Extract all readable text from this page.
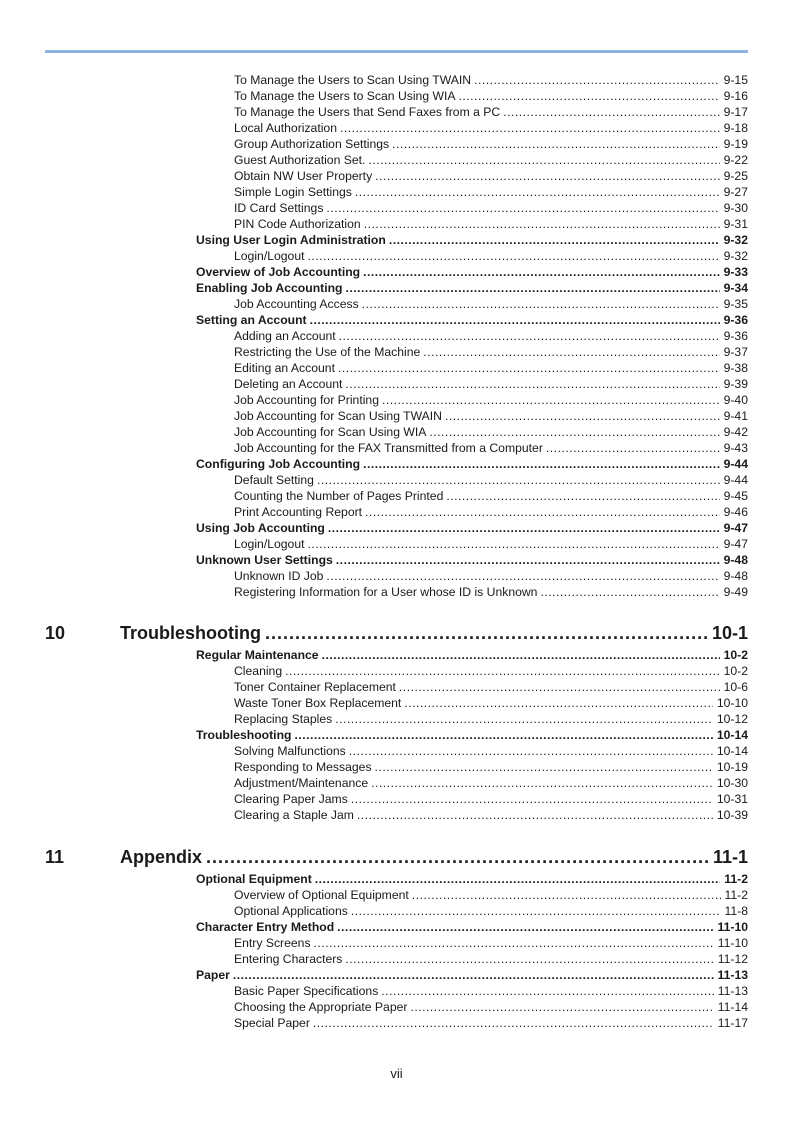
To Manage the Users to Scan Using TWAIN .....	9-15
To Manage the Users to Scan Using WIA .....	9-16
To Manage the Users that Send Faxes from a PC .....	9-17
Local Authorization .....	9-18
Group Authorization Settings .....	9-19
Guest Authorization Set. .....	9-22
Obtain NW User Property .....	9-25
Simple Login Settings .....	9-27
ID Card Settings .....	9-30
PIN Code Authorization .....	9-31
Using User Login Administration .....	9-32
Login/Logout .....	9-32
Overview of Job Accounting .....	9-33
Enabling Job Accounting .....	9-34
Job Accounting Access .....	9-35
Setting an Account .....	9-36
Adding an Account .....	9-36
Restricting the Use of the Machine .....	9-37
Editing an Account .....	9-38
Deleting an Account .....	9-39
Job Accounting for Printing .....	9-40
Job Accounting for Scan Using TWAIN .....	9-41
Job Accounting for Scan Using WIA .....	9-42
Job Accounting for the FAX Transmitted from a Computer .....	9-43
Configuring Job Accounting .....	9-44
Default Setting .....	9-44
Counting the Number of Pages Printed .....	9-45
Print Accounting Report .....	9-46
Using Job Accounting .....	9-47
Login/Logout .....	9-47
Unknown User Settings .....	9-48
Unknown ID Job .....	9-48
Registering Information for a User whose ID is Unknown .....	9-49
10	Troubleshooting .....	10-1
Regular Maintenance .....	10-2
Cleaning .....	10-2
Toner Container Replacement .....	10-6
Waste Toner Box Replacement .....	10-10
Replacing Staples .....	10-12
Troubleshooting .....	10-14
Solving Malfunctions .....	10-14
Responding to Messages .....	10-19
Adjustment/Maintenance .....	10-30
Clearing Paper Jams .....	10-31
Clearing a Staple Jam .....	10-39
11	Appendix .....	11-1
Optional Equipment .....	11-2
Overview of Optional Equipment .....	11-2
Optional Applications .....	11-8
Character Entry Method .....	11-10
Entry Screens .....	11-10
Entering Characters .....	11-12
Paper .....	11-13
Basic Paper Specifications .....	11-13
Choosing the Appropriate Paper .....	11-14
Special Paper .....	11-17
vii
